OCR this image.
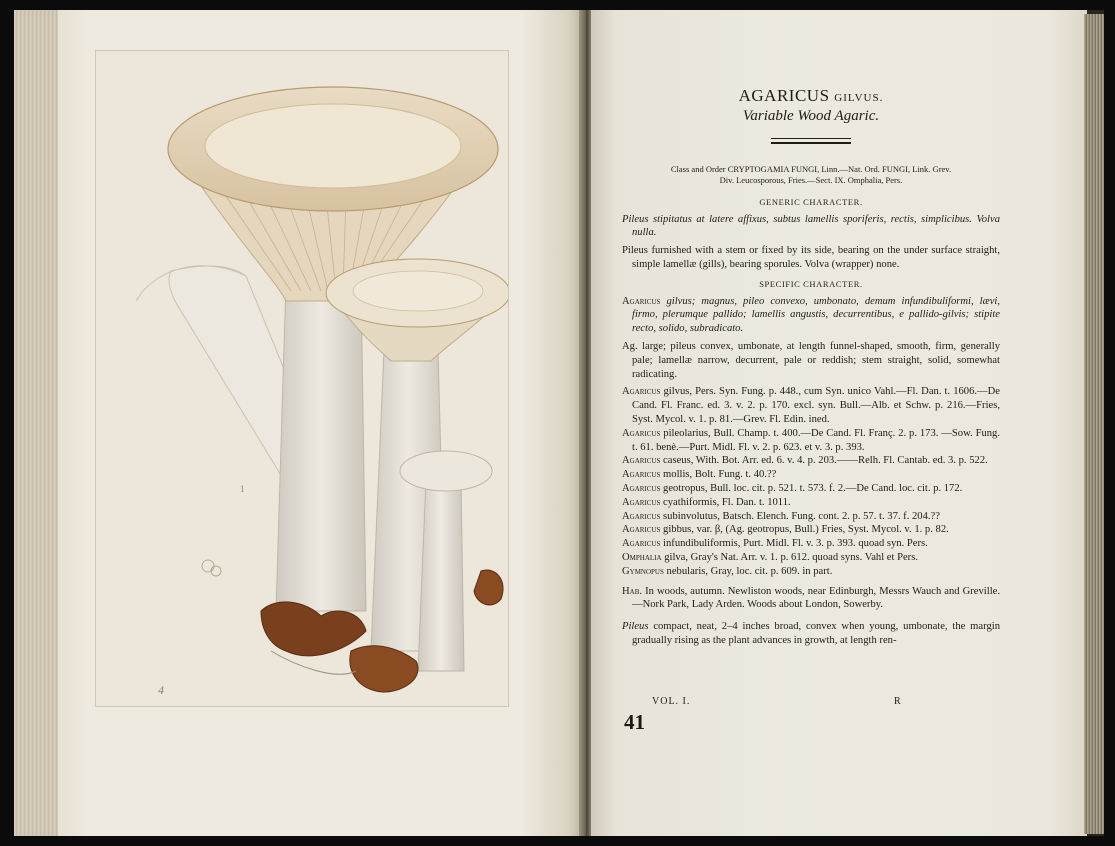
4
1

AGARICUS GILVUS.

Variable Wood Agaric.

Class and Order CRYPTOGAMIA FUNGI, Linn.—Nat. Ord. FUNGI, Link. Grev.
Div. Leucosporous, Fries.—Sect. IX. Omphalia, Pers.

GENERIC CHARACTER.

Pileus stipitatus at latere affixus, subtus lamellis sporiferis, rectis, simplicibus. Volva nulla.

Pileus furnished with a stem or fixed by its side, bearing on the under surface straight, simple lamellæ (gills), bearing sporules. Volva (wrapper) none.

SPECIFIC CHARACTER.

Agaricus gilvus; magnus, pileo convexo, umbonato, demum infundibuliformi, lævi, firmo, plerumque pallido; lamellis angustis, decurrentibus, e pallido-gilvis; stipite recto, solido, subradicato.

Ag. large; pileus convex, umbonate, at length funnel-shaped, smooth, firm, generally pale; lamellæ narrow, decurrent, pale or reddish; stem straight, solid, somewhat radicating.

Agaricus gilvus, Pers. Syn. Fung. p. 448., cum Syn. unico Vahl.—Fl. Dan. t. 1606.—De Cand. Fl. Franc. ed. 3. v. 2. p. 170. excl. syn. Bull.—Alb. et Schw. p. 216.—Fries, Syst. Mycol. v. 1. p. 81.—Grev. Fl. Edin. ined.

Agaricus pileolarius, Bull. Champ. t. 400.—De Cand. Fl. Franç. 2. p. 173. —Sow. Fung. t. 61. benè.—Purt. Midl. Fl. v. 2. p. 623. et v. 3. p. 393.

Agaricus caseus, With. Bot. Arr. ed. 6. v. 4. p. 203.——Relh. Fl. Cantab. ed. 3. p. 522.

Agaricus mollis, Bolt. Fung. t. 40.??

Agaricus geotropus, Bull. loc. cit. p. 521. t. 573. f. 2.—De Cand. loc. cit. p. 172.

Agaricus cyathiformis, Fl. Dan. t. 1011.

Agaricus subinvolutus, Batsch. Elench. Fung. cont. 2. p. 57. t. 37. f. 204.??

Agaricus gibbus, var. β, (Ag. geotropus, Bull.) Fries, Syst. Mycol. v. 1. p. 82.

Agaricus infundibuliformis, Purt. Midl. Fl. v. 3. p. 393. quoad syn. Pers.

Omphalia gilva, Gray's Nat. Arr. v. 1. p. 612. quoad syns. Vahl et Pers.

Gymnopus nebularis, Gray, loc. cit. p. 609. in part.

Hab. In woods, autumn. Newliston woods, near Edinburgh, Messrs Wauch and Greville.—Nork Park, Lady Arden. Woods about London, Sowerby.

Pileus compact, neat, 2–4 inches broad, convex when young, umbonate, the margin gradually rising as the plant advances in growth, at length ren-

VOL. I.	R
41
